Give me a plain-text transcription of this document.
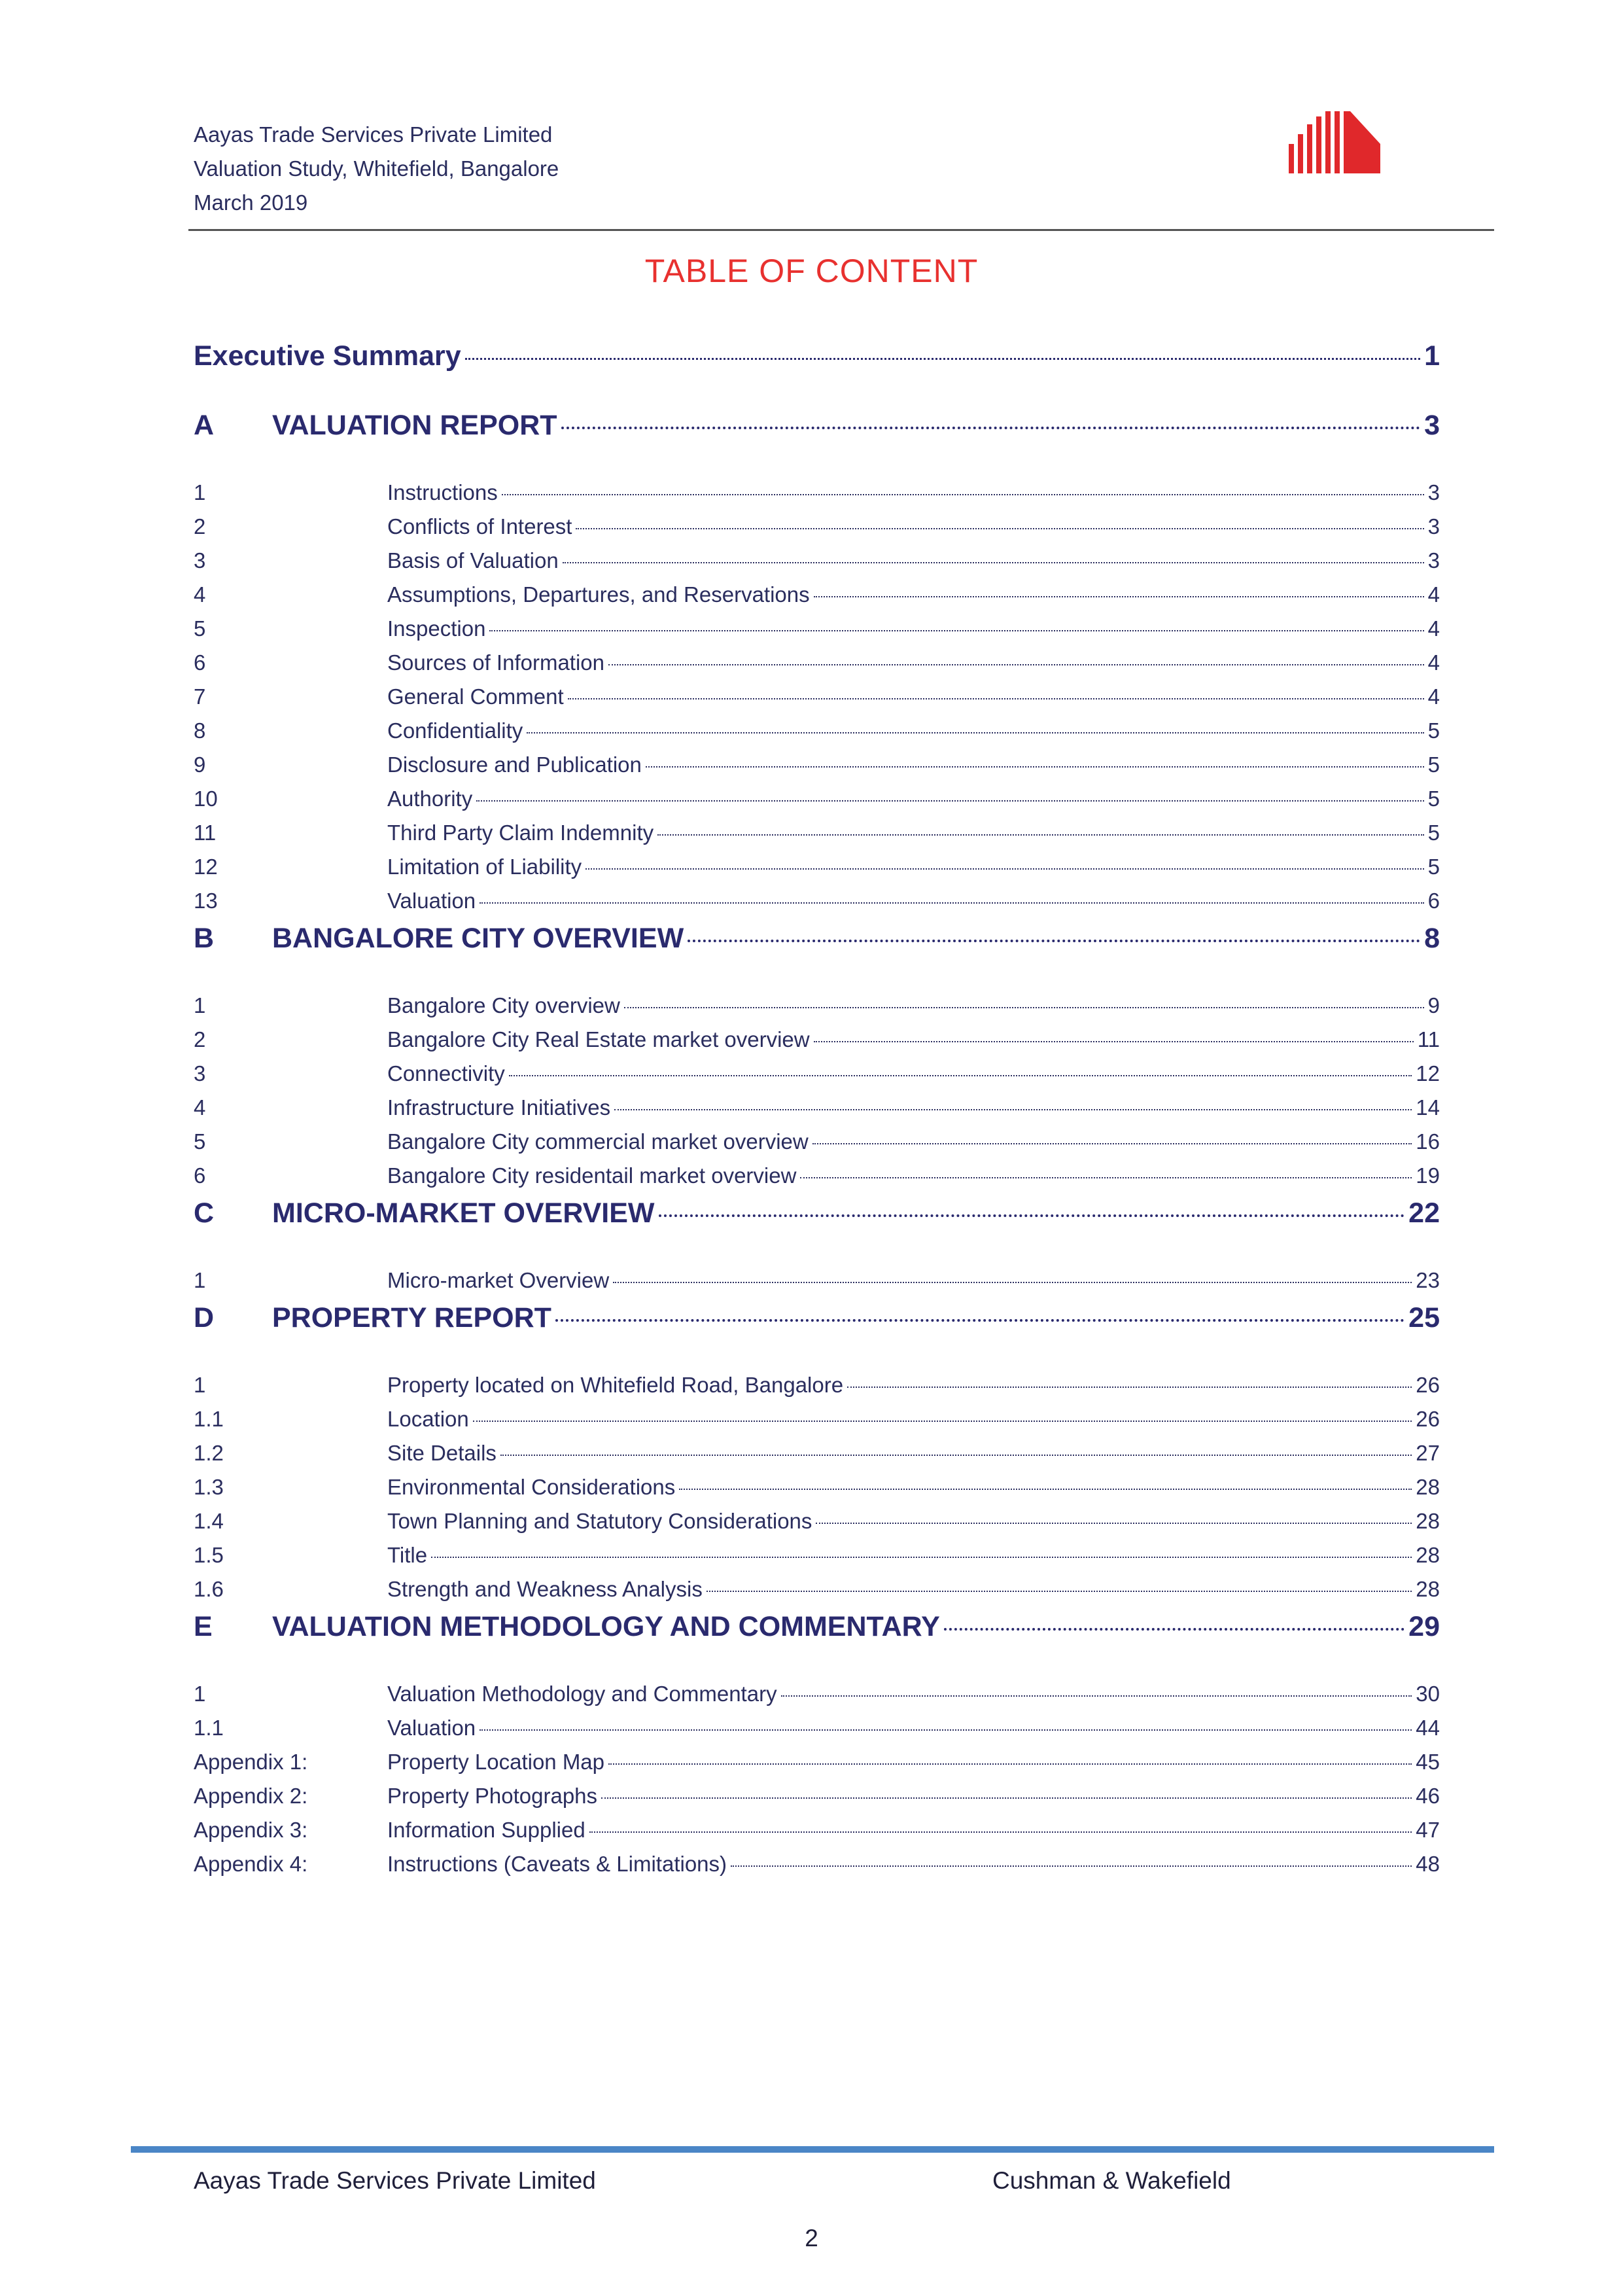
Aayas Trade Services Private Limited
Valuation Study, Whitefield, Bangalore
March 2019
TABLE OF CONTENT
Executive Summary	1
A	VALUATION REPORT	3
1	Instructions	3
2	Conflicts of Interest	3
3	Basis of Valuation	3
4	Assumptions, Departures, and Reservations	4
5	Inspection	4
6	Sources of Information	4
7	General Comment	4
8	Confidentiality	5
9	Disclosure and Publication	5
10	Authority	5
11	Third Party Claim Indemnity	5
12	Limitation of Liability	5
13	Valuation	6
B	BANGALORE CITY OVERVIEW	8
1	Bangalore City overview	9
2	Bangalore City Real Estate market overview	11
3	Connectivity	12
4	Infrastructure Initiatives	14
5	Bangalore City commercial market overview	16
6	Bangalore City residentail market overview	19
C	MICRO-MARKET OVERVIEW	22
1	Micro-market Overview	23
D	PROPERTY REPORT	25
1	Property located on Whitefield Road, Bangalore	26
1.1	Location	26
1.2	Site Details	27
1.3	Environmental Considerations	28
1.4	Town Planning and Statutory Considerations	28
1.5	Title	28
1.6	Strength and Weakness Analysis	28
E	VALUATION METHODOLOGY AND COMMENTARY	29
1	Valuation Methodology and Commentary	30
1.1	Valuation	44
Appendix 1:	Property Location Map	45
Appendix 2:	Property Photographs	46
Appendix 3:	Information Supplied	47
Appendix 4:	Instructions (Caveats & Limitations)	48
Aayas Trade Services Private Limited	Cushman & Wakefield
2
